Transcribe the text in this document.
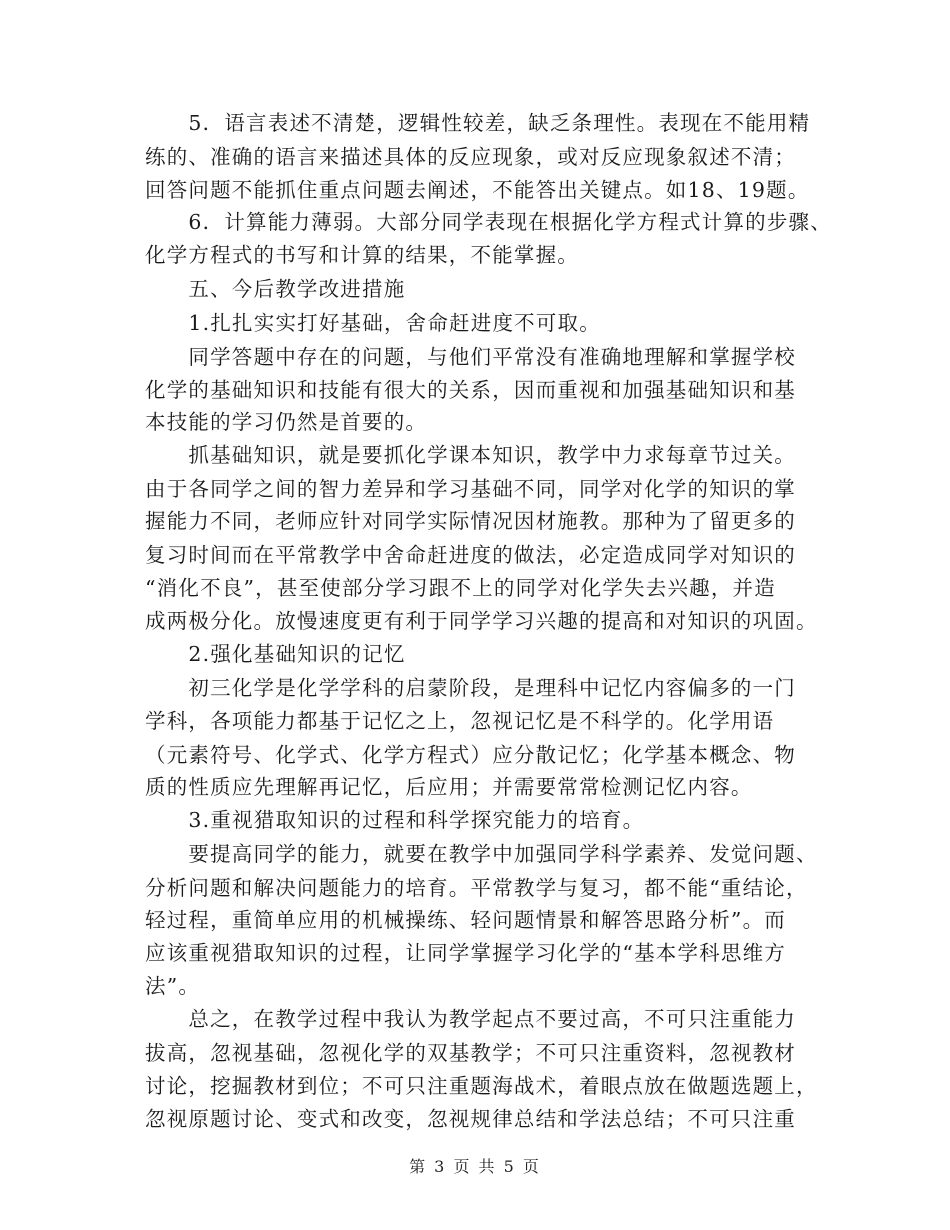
　　5．语言表述不清楚，逻辑性较差，缺乏条理性。表现在不能用精
练的、准确的语言来描述具体的反应现象，或对反应现象叙述不清；
回答问题不能抓住重点问题去阐述，不能答出关键点。如18、19题。
　　6．计算能力薄弱。大部分同学表现在根据化学方程式计算的步骤、
化学方程式的书写和计算的结果，不能掌握。
　　五、今后教学改进措施
　　1.扎扎实实打好基础，舍命赶进度不可取。
　　同学答题中存在的问题，与他们平常没有准确地理解和掌握学校
化学的基础知识和技能有很大的关系，因而重视和加强基础知识和基
本技能的学习仍然是首要的。
　　抓基础知识，就是要抓化学课本知识，教学中力求每章节过关。
由于各同学之间的智力差异和学习基础不同，同学对化学的知识的掌
握能力不同，老师应针对同学实际情况因材施教。那种为了留更多的
复习时间而在平常教学中舍命赶进度的做法，必定造成同学对知识的
“消化不良”，甚至使部分学习跟不上的同学对化学失去兴趣，并造
成两极分化。放慢速度更有利于同学学习兴趣的提高和对知识的巩固。
　　2.强化基础知识的记忆
　　初三化学是化学学科的启蒙阶段，是理科中记忆内容偏多的一门
学科，各项能力都基于记忆之上，忽视记忆是不科学的。化学用语
（元素符号、化学式、化学方程式）应分散记忆；化学基本概念、物
质的性质应先理解再记忆，后应用；并需要常常检测记忆内容。
　　3.重视猎取知识的过程和科学探究能力的培育。
　　要提高同学的能力，就要在教学中加强同学科学素养、发觉问题、
分析问题和解决问题能力的培育。平常教学与复习，都不能“重结论，
轻过程，重简单应用的机械操练、轻问题情景和解答思路分析”。而
应该重视猎取知识的过程，让同学掌握学习化学的“基本学科思维方
法”。
　　总之，在教学过程中我认为教学起点不要过高，不可只注重能力
拔高，忽视基础，忽视化学的双基教学；不可只注重资料，忽视教材
讨论，挖掘教材到位；不可只注重题海战术，着眼点放在做题选题上，
忽视原题讨论、变式和改变，忽视规律总结和学法总结；不可只注重
第 3 页 共 5 页
